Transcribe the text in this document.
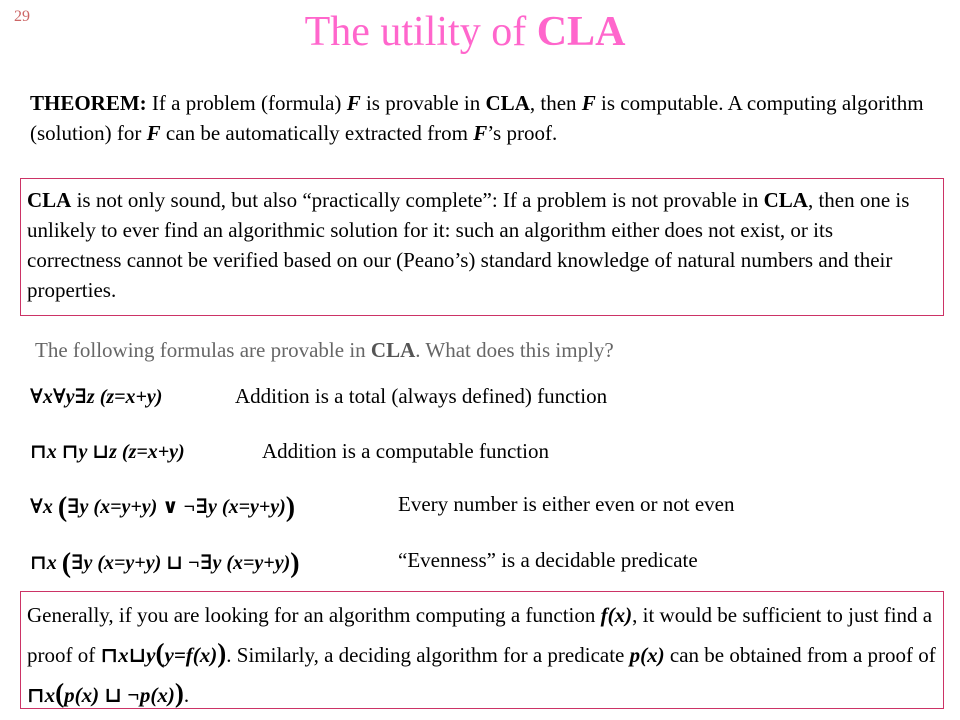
29	The utility of CLA
THEOREM: If a problem (formula) F is provable in CLA, then F is computable. A computing algorithm (solution) for F can be automatically extracted from F’s proof.
CLA is not only sound, but also “practically complete”: If a problem is not provable in CLA, then one is unlikely to ever find an algorithmic solution for it: such an algorithm either does not exist, or its correctness cannot be verified based on our (Peano’s) standard knowledge of natural numbers and their properties.
The following formulas are provable in CLA. What does this imply?
∀x∀y∃z (z=x+y)	Addition is a total (always defined) function
⊓x ⊓y ⊔z (z=x+y)	Addition is a computable function
∀x (∃y (x=y+y) ∨ ¬∃y (x=y+y))	Every number is either even or not even
⊓x (∃y (x=y+y) ⊔ ¬∃y (x=y+y))	“Evenness” is a decidable predicate
Generally, if you are looking for an algorithm computing a function f(x), it would be sufficient to just find a proof of ⊓x⊔y(y=f(x)). Similarly, a deciding algorithm for a predicate p(x) can be obtained from a proof of ⊓x(p(x) ⊔ ¬p(x)).
